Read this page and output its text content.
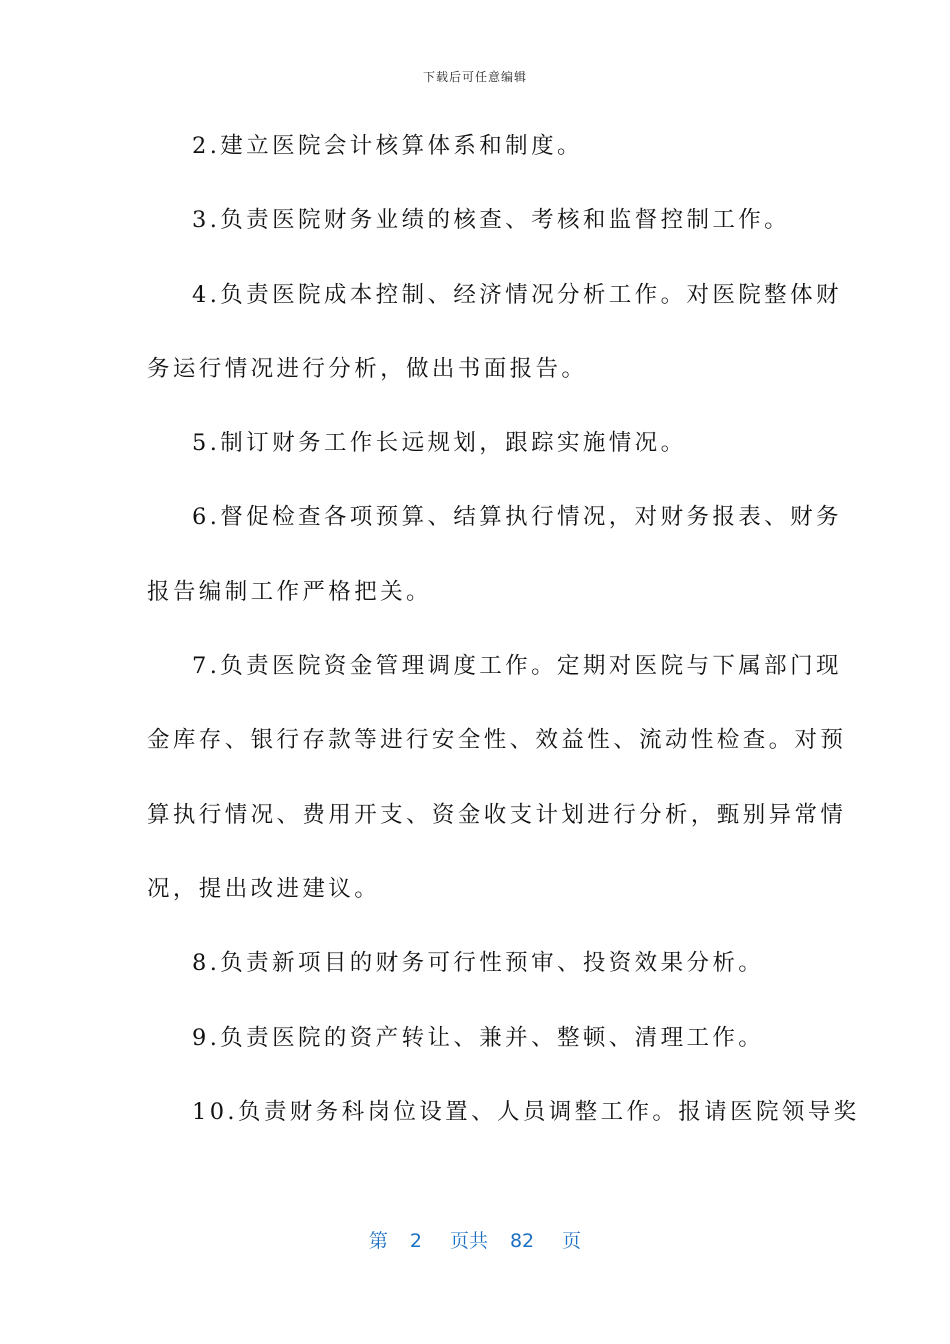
下载后可任意编辑
2.建立医院会计核算体系和制度。
3.负责医院财务业绩的核查、考核和监督控制工作。
4.负责医院成本控制、经济情况分析工作。对医院整体财
务运行情况进行分析，做出书面报告。
5.制订财务工作长远规划，跟踪实施情况。
6.督促检查各项预算、结算执行情况，对财务报表、财务
报告编制工作严格把关。
7.负责医院资金管理调度工作。定期对医院与下属部门现
金库存、银行存款等进行安全性、效益性、流动性检查。对预
算执行情况、费用开支、资金收支计划进行分析，甄别异常情
况，提出改进建议。
8.负责新项目的财务可行性预审、投资效果分析。
9.负责医院的资产转让、兼并、整顿、清理工作。
10.负责财务科岗位设置、人员调整工作。报请医院领导奖
第 2 页共 82 页
